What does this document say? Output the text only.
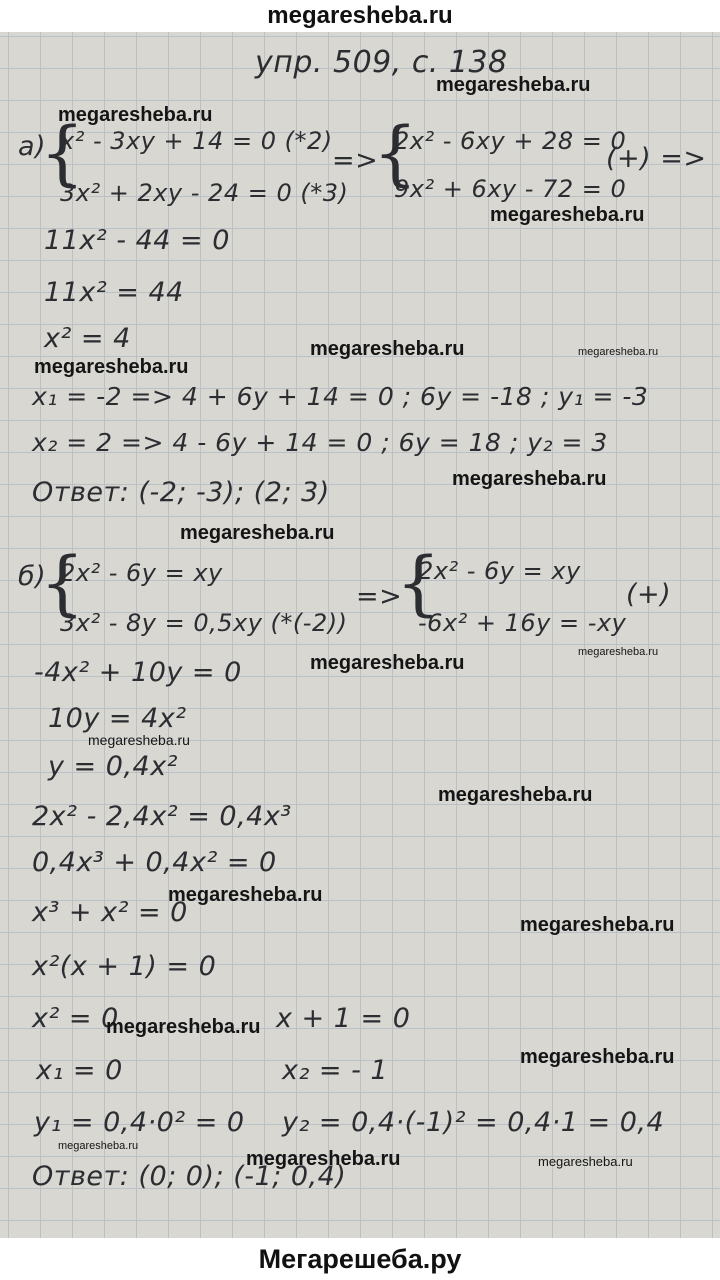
megaresheba.ru
упр. 509, с. 138
а)
{
x² - 3xy + 14 = 0 (*2)
3x² + 2xy - 24 = 0 (*3)
=>
{
2x² - 6xy + 28 = 0
9x² + 6xy - 72 = 0
(+) =>
11x² - 44 = 0
11x² = 44
x² = 4
x₁ = -2 => 4 + 6y + 14 = 0 ; 6y = -18 ; y₁ = -3
x₂ = 2 => 4 - 6y + 14 = 0 ; 6y = 18 ; y₂ = 3
Ответ: (-2; -3); (2; 3)
б)
{
2x² - 6y = xy
3x² - 8y = 0,5xy (*(-2))
=>
{
2x² - 6y = xy
-6x² + 16y = -xy
(+)
-4x² + 10y = 0
10y = 4x²
y = 0,4x²
2x² - 2,4x² = 0,4x³
0,4x³ + 0,4x² = 0
x³ + x² = 0
x²(x + 1) = 0
x² = 0	x + 1 = 0
x₁ = 0	x₂ = - 1
y₁ = 0,4·0² = 0 y₂ = 0,4·(-1)² = 0,4·1 = 0,4
Ответ: (0; 0); (-1; 0,4)
megaresheba.ru
megaresheba.ru
megaresheba.ru
megaresheba.ru
megaresheba.ru
megaresheba.ru
megaresheba.ru
megaresheba.ru
megaresheba.ru	megaresheba.ru
megaresheba.ru
megaresheba.ru
megaresheba.ru
megaresheba.ru
megaresheba.ru
megaresheba.ru
megaresheba.ru
megaresheba.ru	megaresheba.ru
Мегарешеба.ру
